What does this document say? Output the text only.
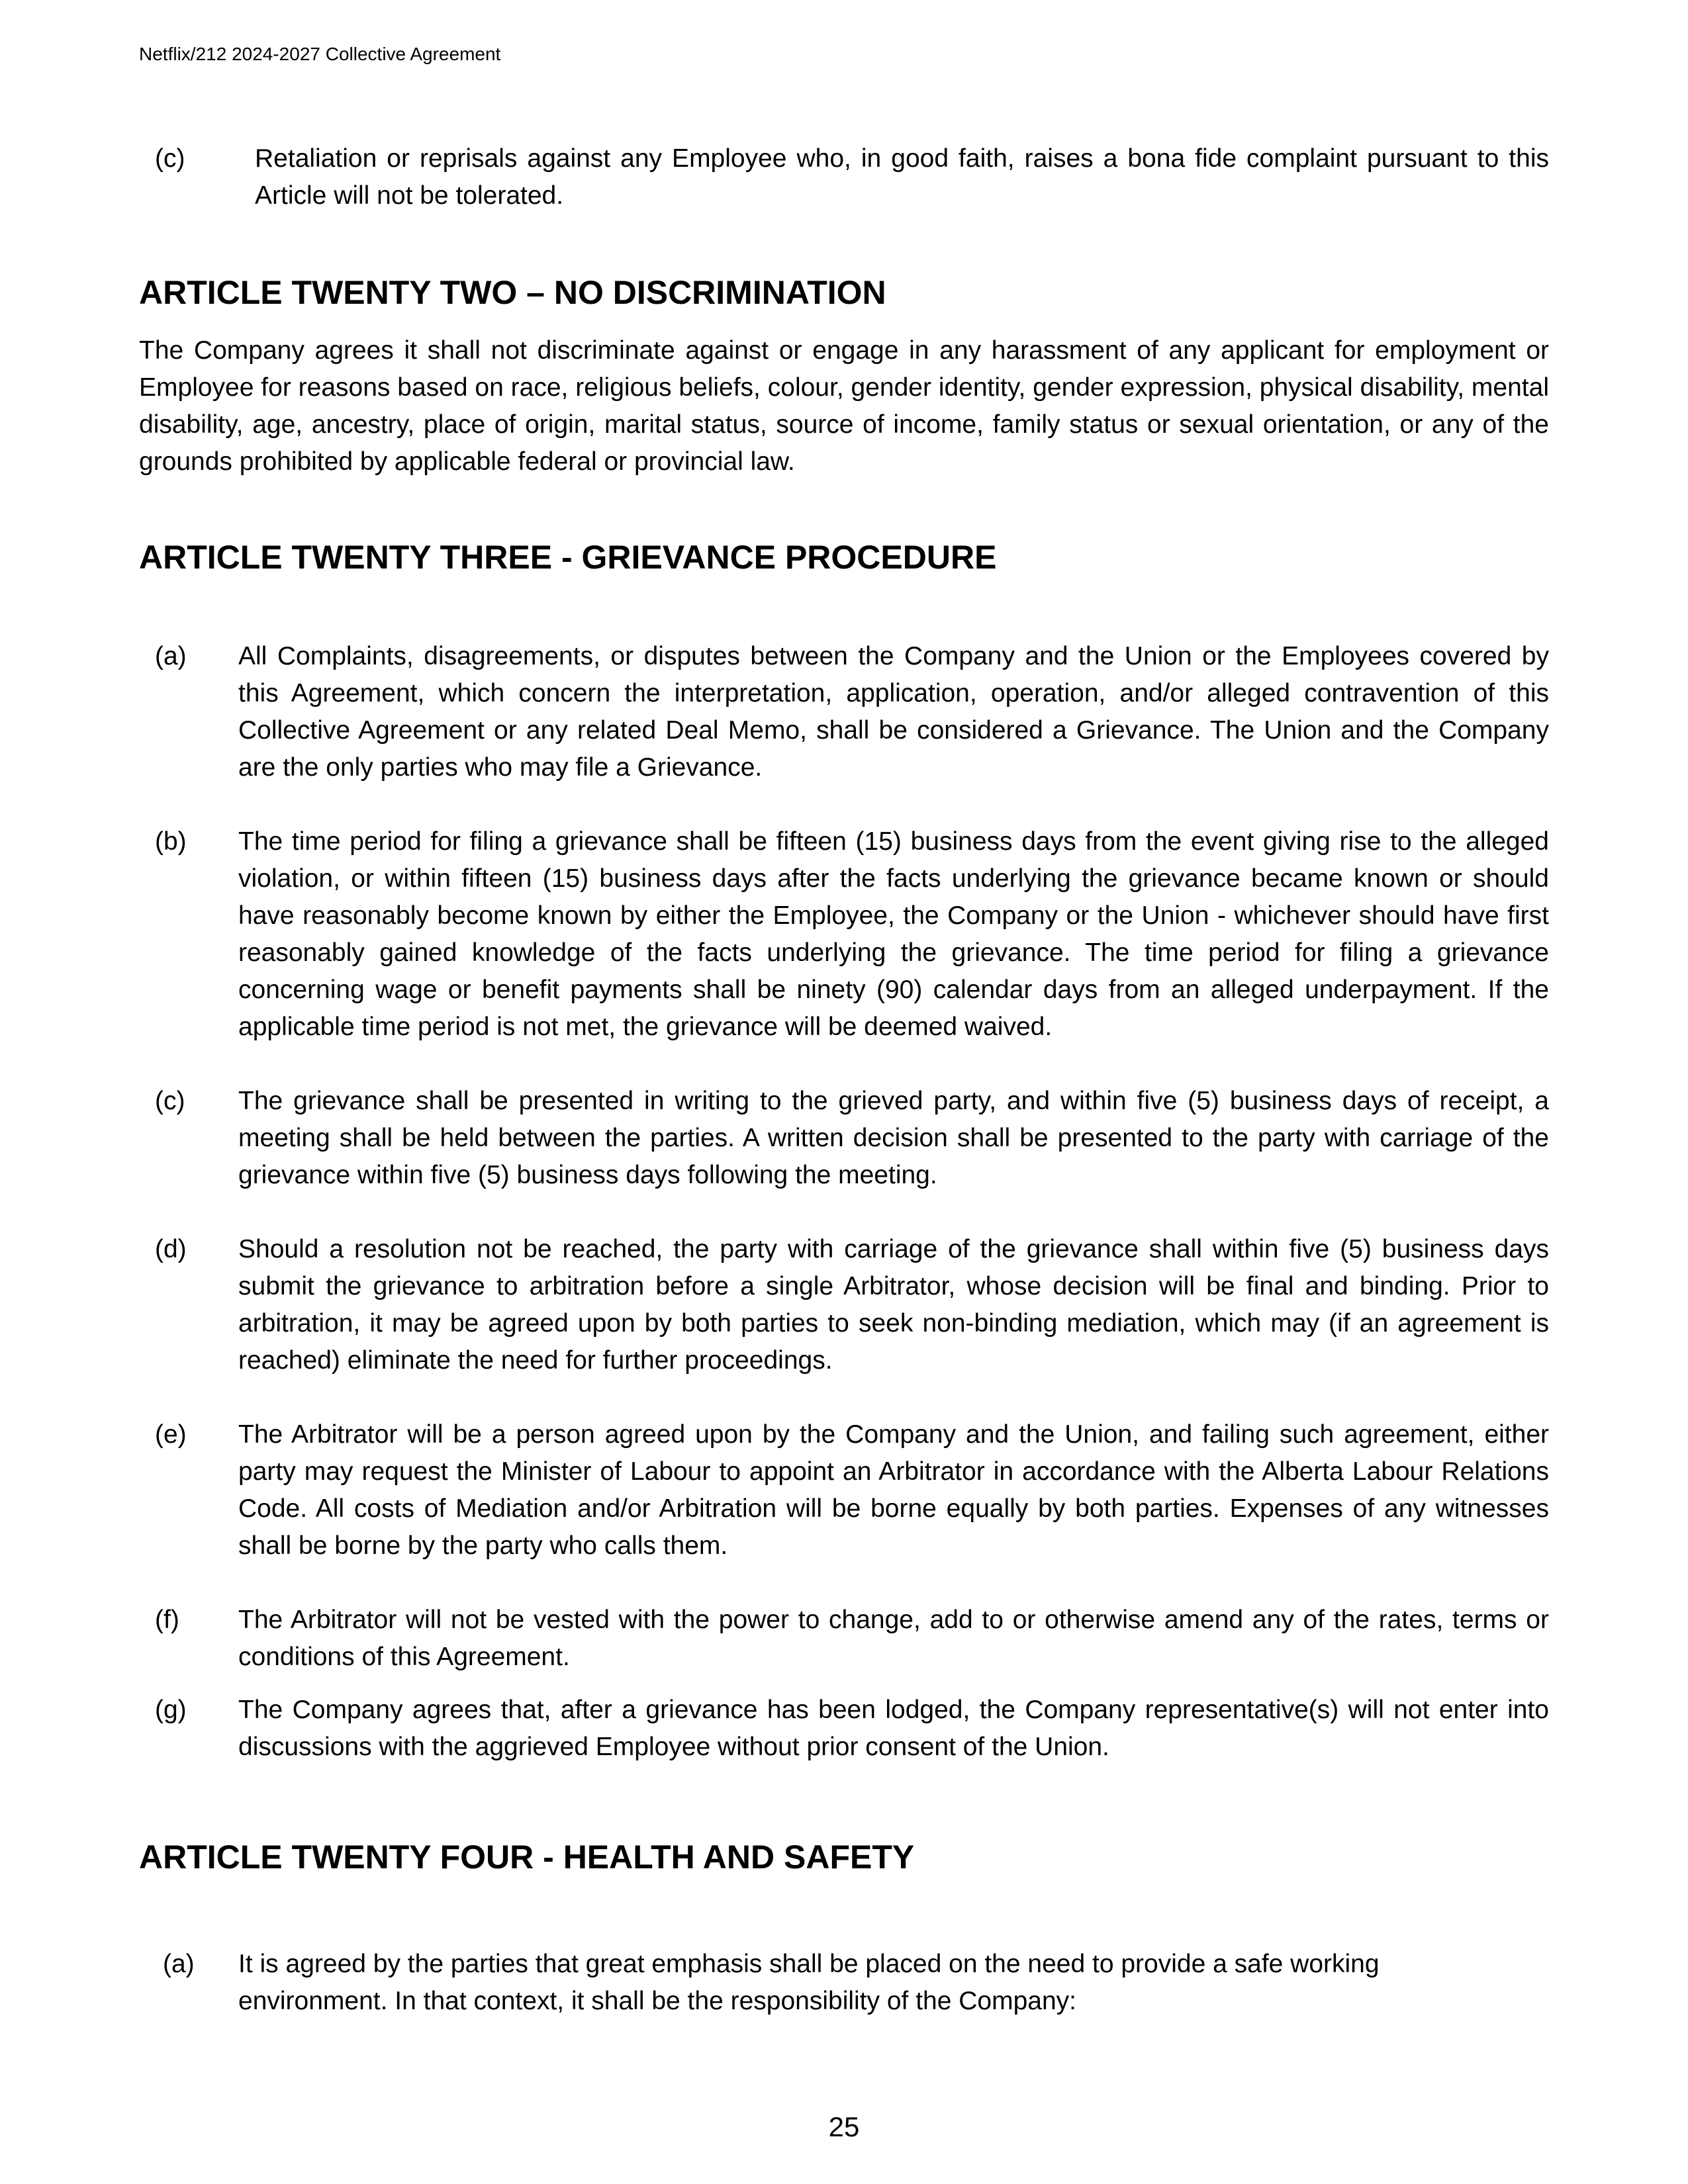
Netflix/212 2024-2027 Collective Agreement
(c)	Retaliation or reprisals against any Employee who, in good faith, raises a bona fide complaint pursuant to this Article will not be tolerated.
ARTICLE TWENTY TWO – NO DISCRIMINATION
The Company agrees it shall not discriminate against or engage in any harassment of any applicant for employment or Employee for reasons based on race, religious beliefs, colour, gender identity, gender expression, physical disability, mental disability, age, ancestry, place of origin, marital status, source of income, family status or sexual orientation, or any of the grounds prohibited by applicable federal or provincial law.
ARTICLE TWENTY THREE - GRIEVANCE PROCEDURE
(a) All Complaints, disagreements, or disputes between the Company and the Union or the Employees covered by this Agreement, which concern the interpretation, application, operation, and/or alleged contravention of this Collective Agreement or any related Deal Memo, shall be considered a Grievance. The Union and the Company are the only parties who may file a Grievance.
(b) The time period for filing a grievance shall be fifteen (15) business days from the event giving rise to the alleged violation, or within fifteen (15) business days after the facts underlying the grievance became known or should have reasonably become known by either the Employee, the Company or the Union - whichever should have first reasonably gained knowledge of the facts underlying the grievance. The time period for filing a grievance concerning wage or benefit payments shall be ninety (90) calendar days from an alleged underpayment. If the applicable time period is not met, the grievance will be deemed waived.
(c) The grievance shall be presented in writing to the grieved party, and within five (5) business days of receipt, a meeting shall be held between the parties. A written decision shall be presented to the party with carriage of the grievance within five (5) business days following the meeting.
(d) Should a resolution not be reached, the party with carriage of the grievance shall within five (5) business days submit the grievance to arbitration before a single Arbitrator, whose decision will be final and binding. Prior to arbitration, it may be agreed upon by both parties to seek non-binding mediation, which may (if an agreement is reached) eliminate the need for further proceedings.
(e) The Arbitrator will be a person agreed upon by the Company and the Union, and failing such agreement, either party may request the Minister of Labour to appoint an Arbitrator in accordance with the Alberta Labour Relations Code. All costs of Mediation and/or Arbitration will be borne equally by both parties. Expenses of any witnesses shall be borne by the party who calls them.
(f) The Arbitrator will not be vested with the power to change, add to or otherwise amend any of the rates, terms or conditions of this Agreement.
(g) The Company agrees that, after a grievance has been lodged, the Company representative(s) will not enter into discussions with the aggrieved Employee without prior consent of the Union.
ARTICLE TWENTY FOUR - HEALTH AND SAFETY
(a) It is agreed by the parties that great emphasis shall be placed on the need to provide a safe working environment. In that context, it shall be the responsibility of the Company:
25
